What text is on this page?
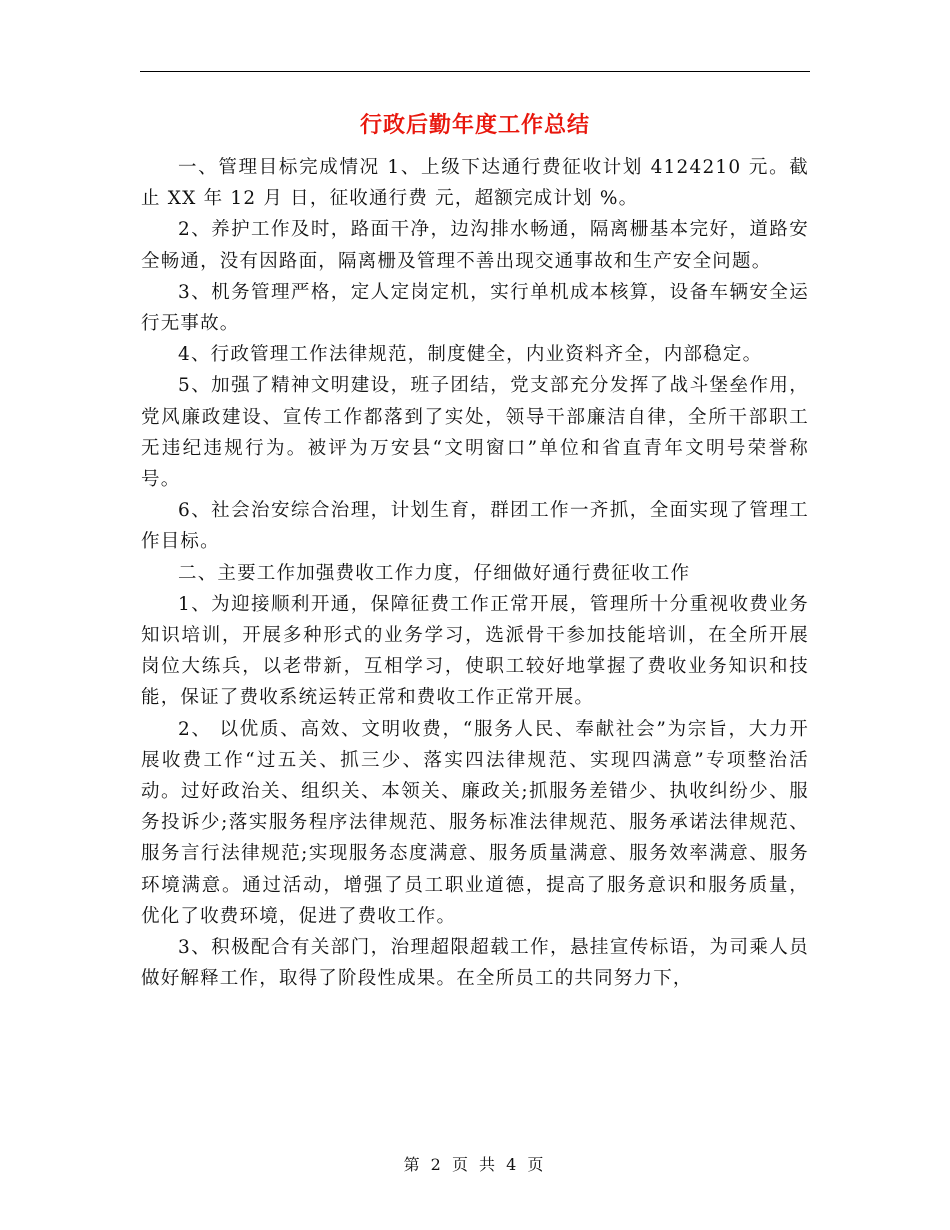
行政后勤年度工作总结

一、管理目标完成情况 1、上级下达通行费征收计划 4124210 元。截止 XX 年 12 月 日，征收通行费 元，超额完成计划 %。

2、养护工作及时，路面干净，边沟排水畅通，隔离栅基本完好，道路安全畅通，没有因路面，隔离栅及管理不善出现交通事故和生产安全问题。

3、机务管理严格，定人定岗定机，实行单机成本核算，设备车辆安全运行无事故。

4、行政管理工作法律规范，制度健全，内业资料齐全，内部稳定。

5、加强了精神文明建设，班子团结，党支部充分发挥了战斗堡垒作用，党风廉政建设、宣传工作都落到了实处，领导干部廉洁自律，全所干部职工无违纪违规行为。被评为万安县“文明窗口”单位和省直青年文明号荣誉称号。

6、社会治安综合治理，计划生育，群团工作一齐抓，全面实现了管理工作目标。

二、主要工作加强费收工作力度，仔细做好通行费征收工作

1、为迎接顺利开通，保障征费工作正常开展，管理所十分重视收费业务知识培训，开展多种形式的业务学习，选派骨干参加技能培训，在全所开展岗位大练兵，以老带新，互相学习，使职工较好地掌握了费收业务知识和技能，保证了费收系统运转正常和费收工作正常开展。

2、 以优质、高效、文明收费，“服务人民、奉献社会”为宗旨，大力开展收费工作“过五关、抓三少、落实四法律规范、实现四满意”专项整治活动。过好政治关、组织关、本领关、廉政关;抓服务差错少、执收纠纷少、服务投诉少;落实服务程序法律规范、服务标准法律规范、服务承诺法律规范、服务言行法律规范;实现服务态度满意、服务质量满意、服务效率满意、服务环境满意。通过活动，增强了员工职业道德，提高了服务意识和服务质量，优化了收费环境，促进了费收工作。

3、积极配合有关部门，治理超限超载工作，悬挂宣传标语，为司乘人员做好解释工作，取得了阶段性成果。在全所员工的共同努力下，

第 2 页 共 4 页
